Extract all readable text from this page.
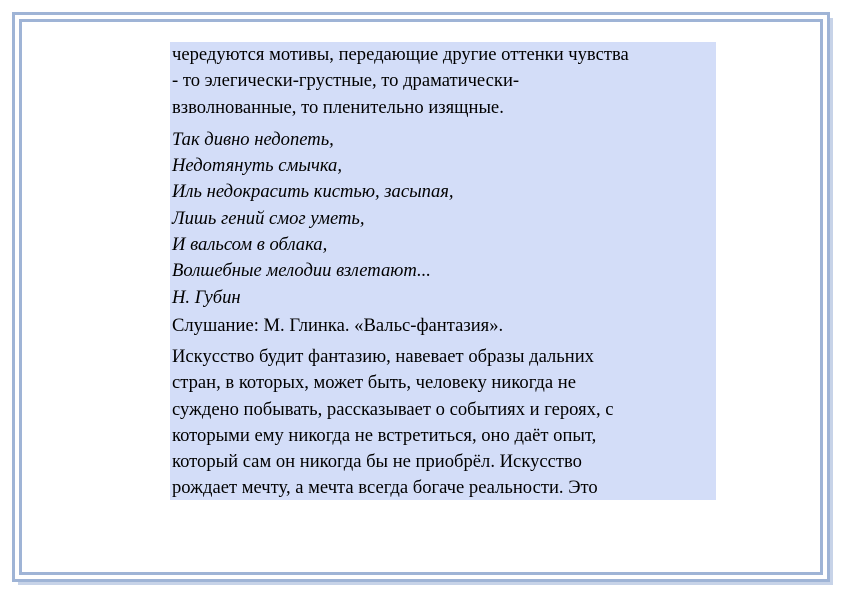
чередуются мотивы, передающие другие оттенки чувства
- то элегически-грустные, то драматически-
взволнованные, то пленительно изящные.
Так дивно недопеть,
Недотянуть смычка,
Иль недокрасить кистью, засыпая,
Лишь гений смог уметь,
И вальсом в облака,
Волшебные мелодии взлетают...
Н. Губин
Слушание: М. Глинка. «Вальс-фантазия».
Искусство будит фантазию, навевает образы дальних
стран, в которых, может быть, человеку никогда не
суждено побывать, рассказывает о событиях и героях, с
которыми ему никогда не встретиться, оно даёт опыт,
который сам он никогда бы не приобрёл. Искусство
рождает мечту, а мечта всегда богаче реальности. Это
